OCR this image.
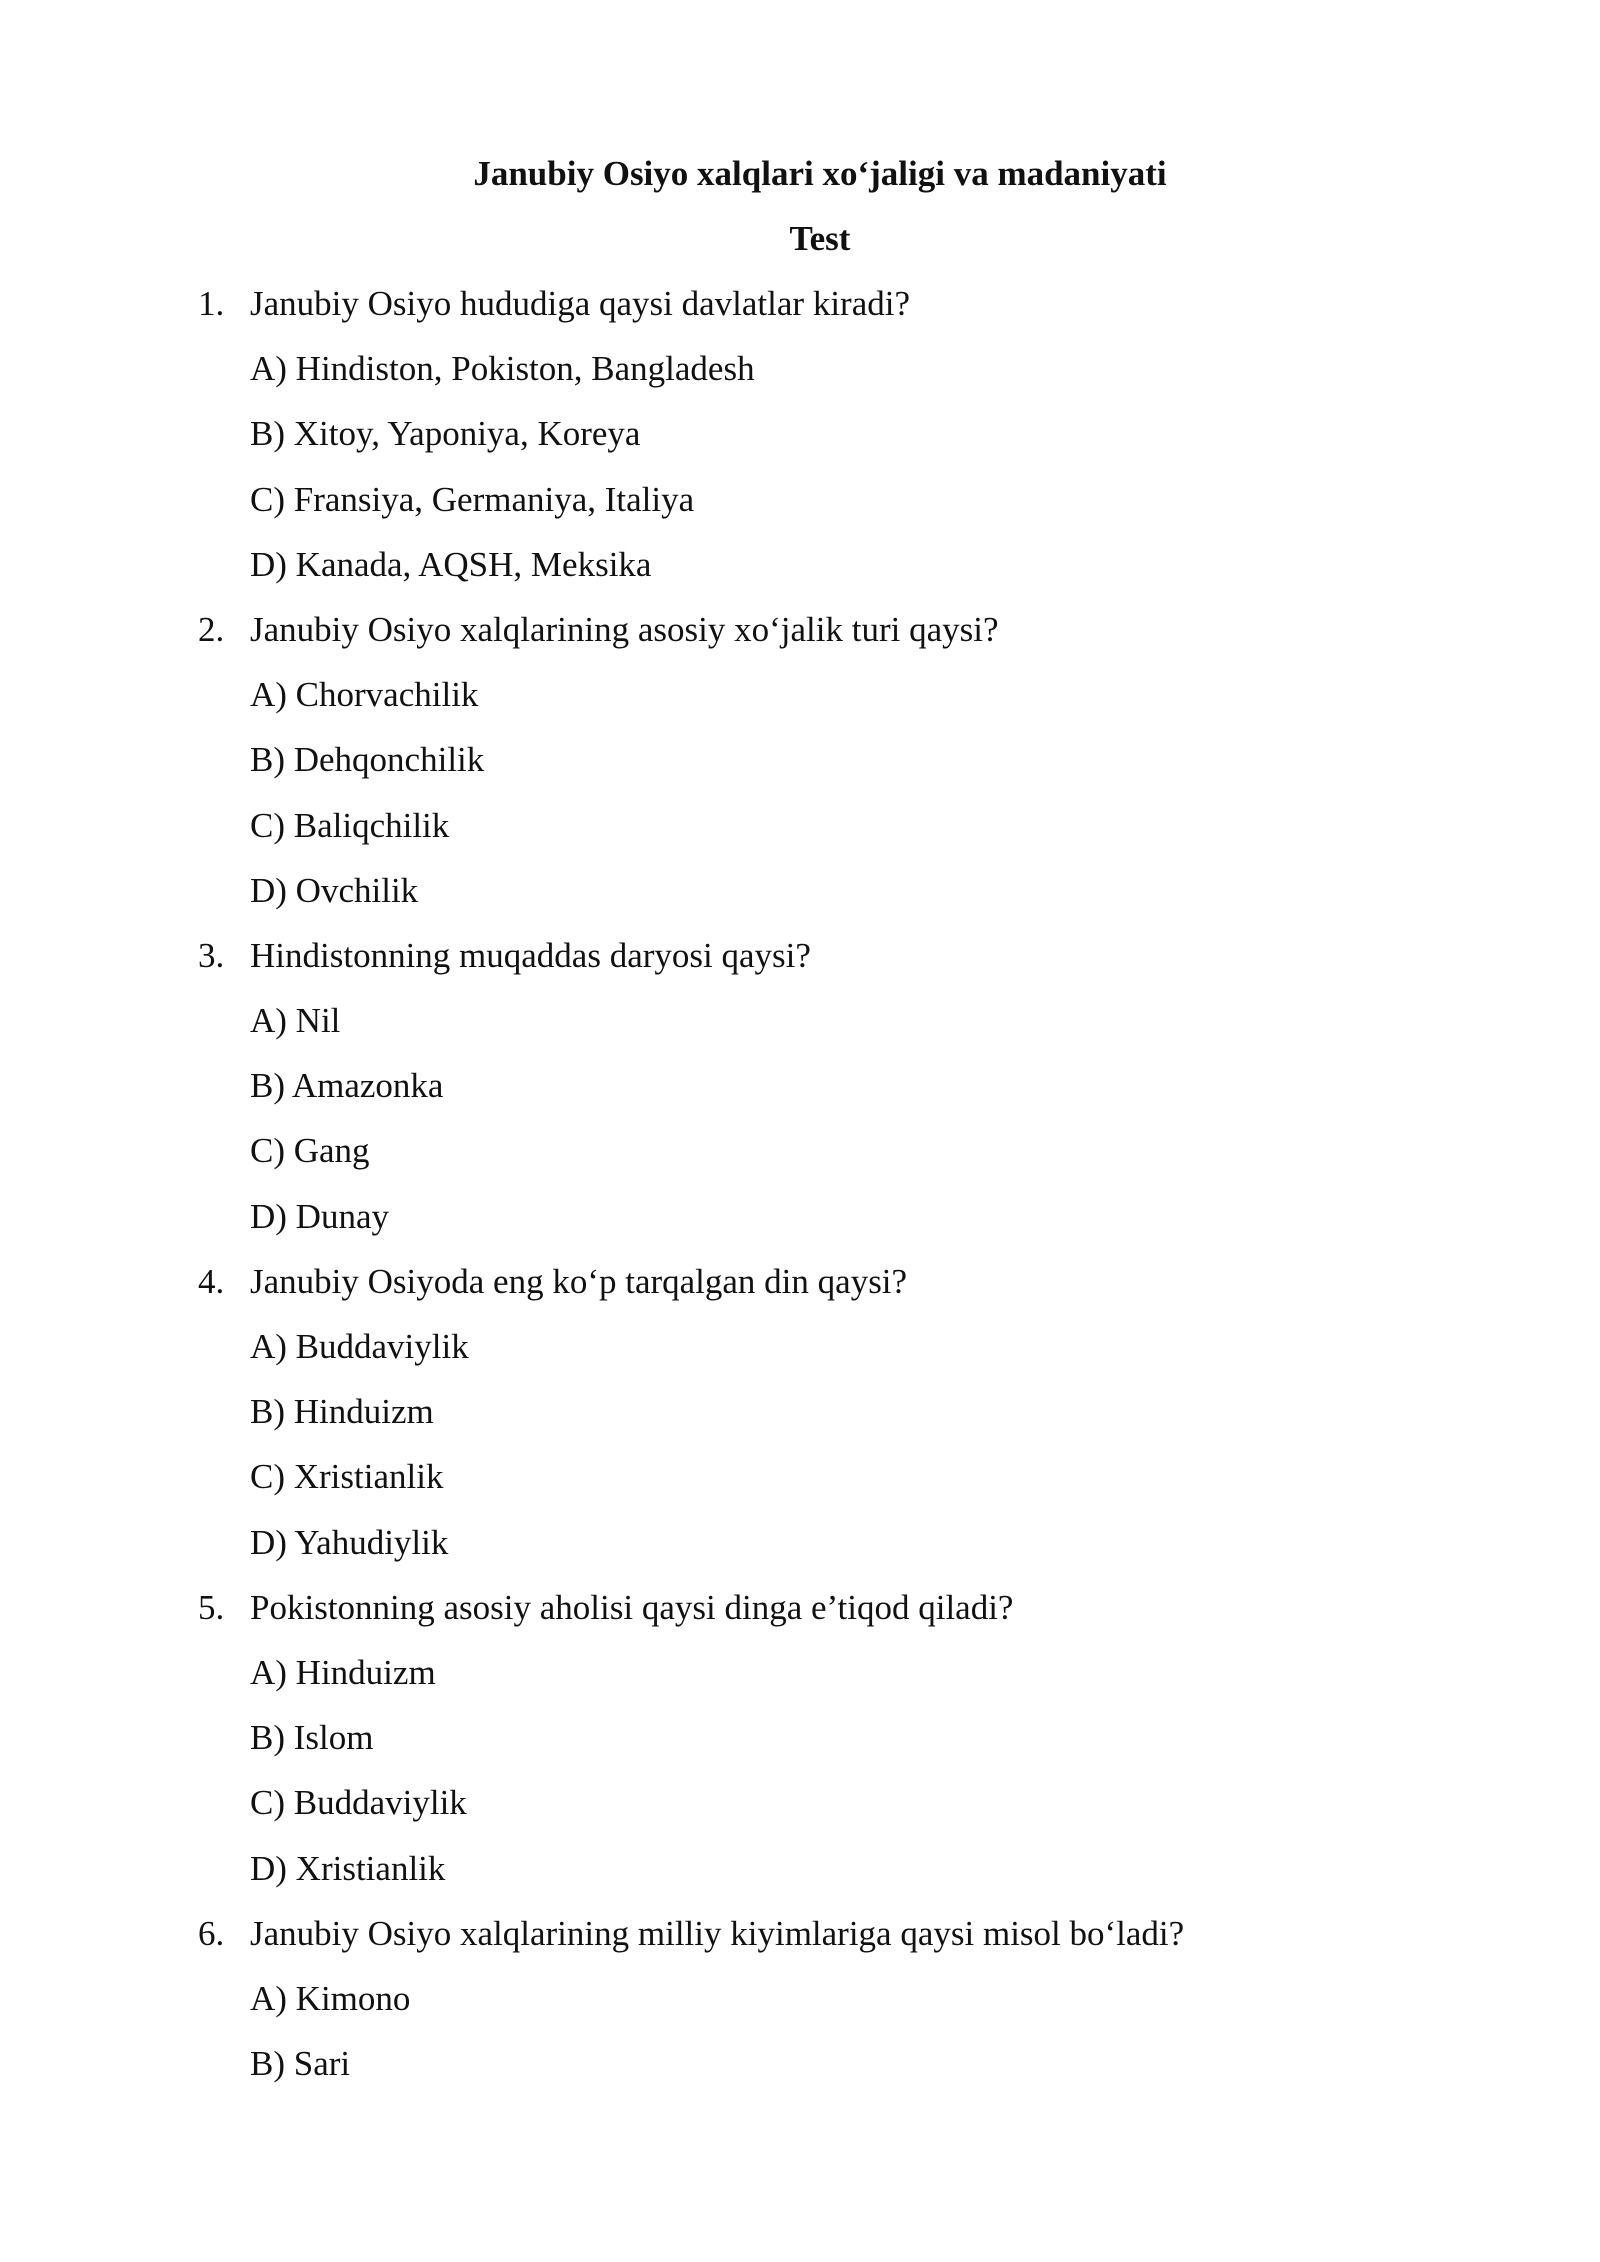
Janubiy Osiyo xalqlari xo‘jaligi va madaniyati
Test
1. Janubiy Osiyo hududiga qaysi davlatlar kiradi?
A) Hindiston, Pokiston, Bangladesh
B) Xitoy, Yaponiya, Koreya
C) Fransiya, Germaniya, Italiya
D) Kanada, AQSH, Meksika
2. Janubiy Osiyo xalqlarining asosiy xo‘jalik turi qaysi?
A) Chorvachilik
B) Dehqonchilik
C) Baliqchilik
D) Ovchilik
3. Hindistonning muqaddas daryosi qaysi?
A) Nil
B) Amazonka
C) Gang
D) Dunay
4. Janubiy Osiyoda eng ko‘p tarqalgan din qaysi?
A) Buddaviylik
B) Hinduizm
C) Xristianlik
D) Yahudiylik
5. Pokistonning asosiy aholisi qaysi dinga e’tiqod qiladi?
A) Hinduizm
B) Islom
C) Buddaviylik
D) Xristianlik
6. Janubiy Osiyo xalqlarining milliy kiyimlariga qaysi misol bo‘ladi?
A) Kimono
B) Sari
